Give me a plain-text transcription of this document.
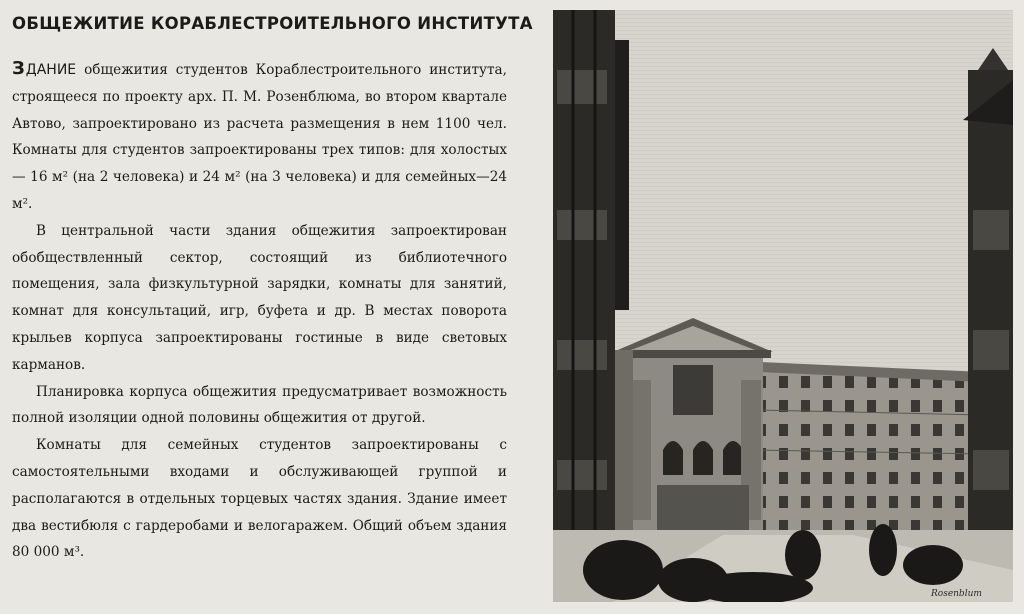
ОБЩЕЖИТИЕ КОРАБЛЕСТРОИТЕЛЬНОГО ИНСТИТУТА

ЗДАНИЕ общежития студентов Кораблестроительного института, строящееся по проекту арх. П. М. Розенблюма, во втором квартале Автово, запроектировано из расчета размещения в нем 1100 чел. Комнаты для студентов запроектированы трех типов: для холостых — 16 м² (на 2 человека) и 24 м² (на 3 человека) и для семейных—24 м².

В центральной части здания общежития запроектирован обобществленный сектор, состоящий из библиотечного помещения, зала физкультурной зарядки, комнаты для занятий, комнат для консультаций, игр, буфета и др. В местах поворота крыльев корпуса запроектированы гостиные в виде световых карманов.

Планировка корпуса общежития предусматривает возможность полной изоляции одной половины общежития от другой.

Комнаты для семейных студентов запроектированы с самостоятельными входами и обслуживающей группой и располагаются в отдельных торцевых частях здания. Здание имеет два вестибюля с гардеробами и велогаражем. Общий объем здания 80 000 м³.

Rosenblum
